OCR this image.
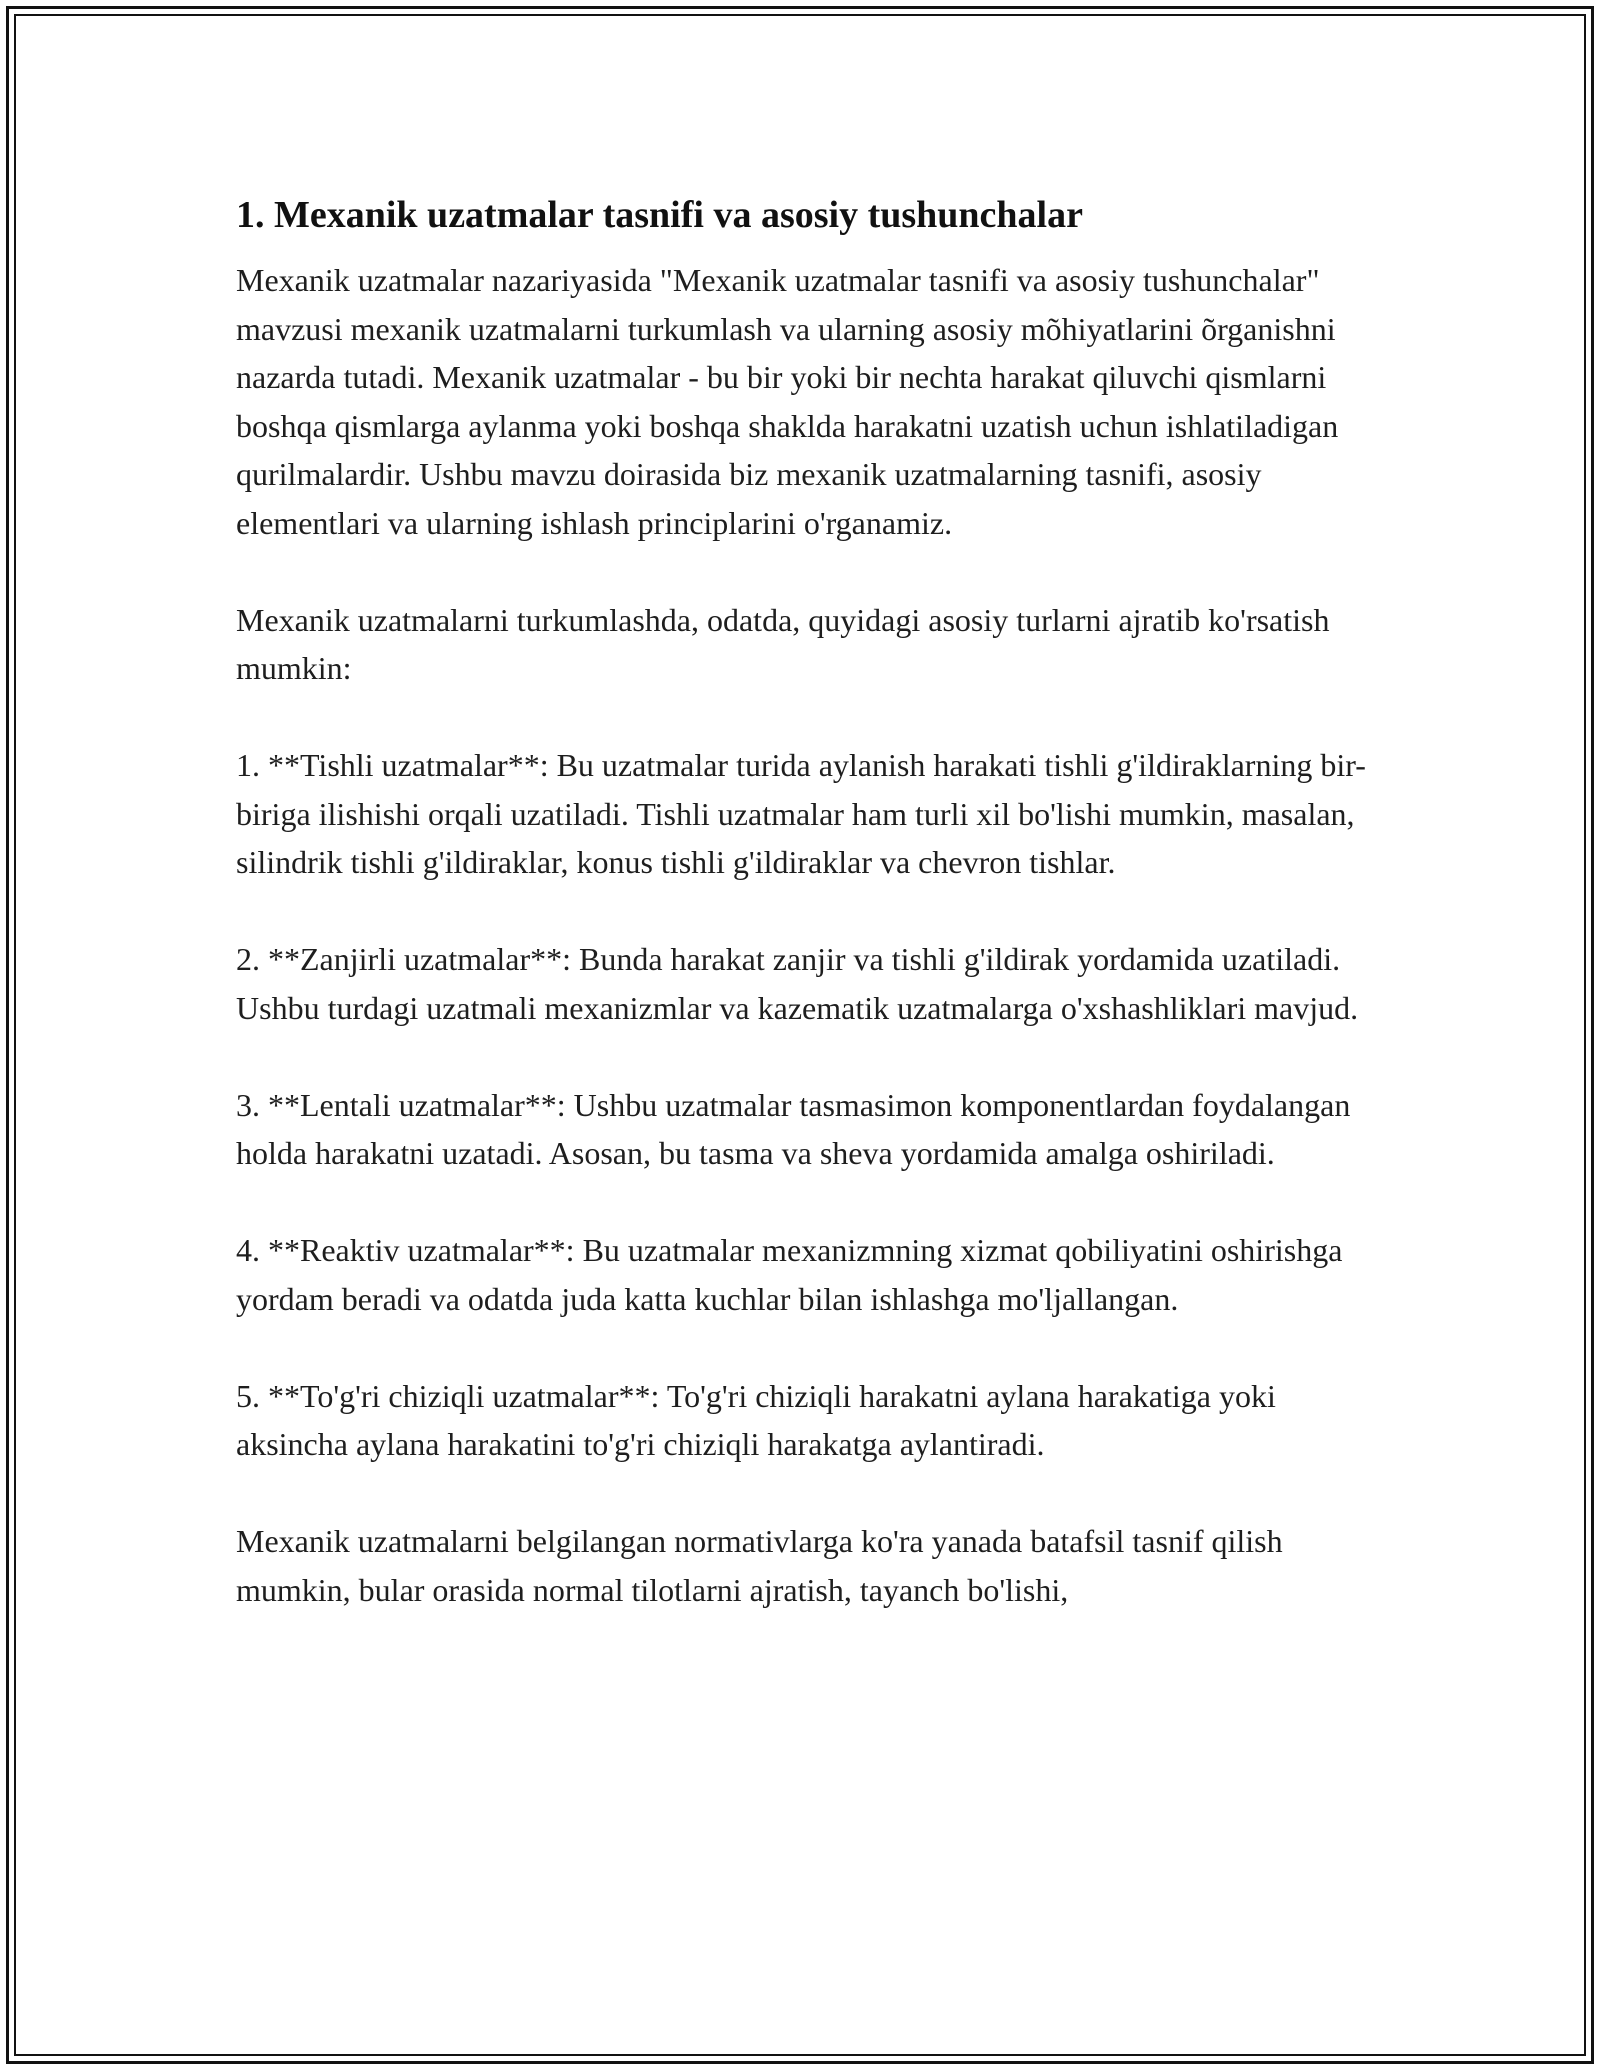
1. Mexanik uzatmalar tasnifi va asosiy tushunchalar

Mexanik uzatmalar nazariyasida "Mexanik uzatmalar tasnifi va asosiy tushunchalar" mavzusi mexanik uzatmalarni turkumlash va ularning asosiy mõhiyatlarini õrganishni nazarda tutadi. Mexanik uzatmalar - bu bir yoki bir nechta harakat qiluvchi qismlarni boshqa qismlarga aylanma yoki boshqa shaklda harakatni uzatish uchun ishlatiladigan qurilmalardir. Ushbu mavzu doirasida biz mexanik uzatmalarning tasnifi, asosiy elementlari va ularning ishlash principlarini o'rganamiz.

Mexanik uzatmalarni turkumlashda, odatda, quyidagi asosiy turlarni ajratib ko'rsatish mumkin:

1. **Tishli uzatmalar**: Bu uzatmalar turida aylanish harakati tishli g'ildiraklarning bir-biriga ilishishi orqali uzatiladi. Tishli uzatmalar ham turli xil bo'lishi mumkin, masalan, silindrik tishli g'ildiraklar, konus tishli g'ildiraklar va chevron tishlar.

2. **Zanjirli uzatmalar**: Bunda harakat zanjir va tishli g'ildirak yordamida uzatiladi. Ushbu turdagi uzatmali mexanizmlar va kazematik uzatmalarga o'xshashliklari mavjud.

3. **Lentali uzatmalar**: Ushbu uzatmalar tasmasimon komponentlardan foydalangan holda harakatni uzatadi. Asosan, bu tasma va sheva yordamida amalga oshiriladi.

4. **Reaktiv uzatmalar**: Bu uzatmalar mexanizmning xizmat qobiliyatini oshirishga yordam beradi va odatda juda katta kuchlar bilan ishlashga mo'ljallangan.

5. **To'g'ri chiziqli uzatmalar**: To'g'ri chiziqli harakatni aylana harakatiga yoki aksincha aylana harakatini to'g'ri chiziqli harakatga aylantiradi.

Mexanik uzatmalarni belgilangan normativlarga ko'ra yanada batafsil tasnif qilish mumkin, bular orasida normal tilotlarni ajratish, tayanch bo'lishi,
